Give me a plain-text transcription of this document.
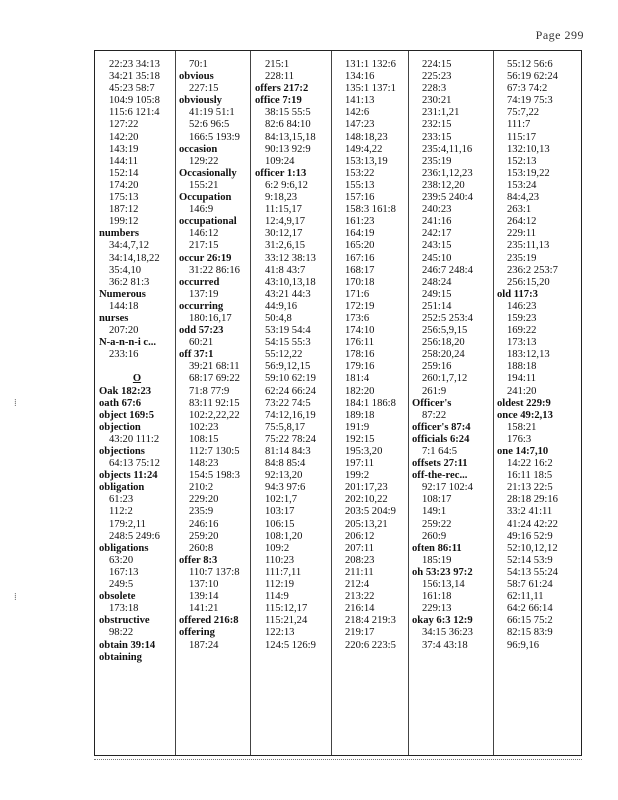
Page 299
⁞
⁞
22:23 34:13
34:21 35:18
45:23 58:7
104:9 105:8
115:6 121:4
127:22
142:20
143:19
144:11
152:14
174:20
175:13
187:12
199:12
numbers
34:4,7,12
34:14,18,22
35:4,10
36:2 81:3
Numerous
144:18
nurses
207:20
N-a-n-n-i c...
233:16
O
Oak 182:23
oath 67:6
object 169:5
objection
43:20 111:2
objections
64:13 75:12
objects 11:24
obligation
61:23
112:2
179:2,11
248:5 249:6
obligations
63:20
167:13
249:5
obsolete
173:18
obstructive
98:22
obtain 39:14
obtaining
70:1
obvious
227:15
obviously
41:19 51:1
52:6 96:5
166:5 193:9
occasion
129:22
Occasionally
155:21
Occupation
146:9
occupational
146:12
217:15
occur 26:19
31:22 86:16
occurred
137:19
occurring
180:16,17
odd 57:23
60:21
off 37:1
39:21 68:11
68:17 69:22
71:8 77:9
83:11 92:15
102:2,22,22
102:23
108:15
112:7 130:5
148:23
154:5 198:3
210:2
229:20
235:9
246:16
259:20
260:8
offer 8:3
110:7 137:8
137:10
139:14
141:21
offered 216:8
offering
187:24
215:1
228:11
offers 217:2
office 7:19
38:15 55:5
82:6 84:10
84:13,15,18
90:13 92:9
109:24
officer 1:13
6:2 9:6,12
9:18,23
11:15,17
12:4,9,17
30:12,17
31:2,6,15
33:12 38:13
41:8 43:7
43:10,13,18
43:21 44:3
44:9,16
50:4,8
53:19 54:4
54:15 55:3
55:12,22
56:9,12,15
59:10 62:19
62:24 66:24
73:22 74:5
74:12,16,19
75:5,8,17
75:22 78:24
81:14 84:3
84:8 85:4
92:13,20
94:3 97:6
102:1,7
103:17
106:15
108:1,20
109:2
110:23
111:7,11
112:19
114:9
115:12,17
115:21,24
122:13
124:5 126:9
131:1 132:6
134:16
135:1 137:1
141:13
142:6
147:23
148:18,23
149:4,22
153:13,19
153:22
155:13
157:16
158:3 161:8
161:23
164:19
165:20
167:16
168:17
170:18
171:6
172:19
173:6
174:10
176:11
178:16
179:16
181:4
182:20
184:1 186:8
189:18
191:9
192:15
195:3,20
197:11
199:2
201:17,23
202:10,22
203:5 204:9
205:13,21
206:12
207:11
208:23
211:11
212:4
213:22
216:14
218:4 219:3
219:17
220:6 223:5
224:15
225:23
228:3
230:21
231:1,21
232:15
233:15
235:4,11,16
235:19
236:1,12,23
238:12,20
239:5 240:4
240:23
241:16
242:17
243:15
245:10
246:7 248:4
248:24
249:15
251:14
252:5 253:4
256:5,9,15
256:18,20
258:20,24
259:16
260:1,7,12
261:9
Officer's
87:22
officer's 87:4
officials 6:24
7:1 64:5
offsets 27:11
off-the-rec...
92:17 102:4
108:17
149:1
259:22
260:9
often 86:11
185:19
oh 53:23 97:2
156:13,14
161:18
229:13
okay 6:3 12:9
34:15 36:23
37:4 43:18
55:12 56:6
56:19 62:24
67:3 74:2
74:19 75:3
75:7,22
111:7
115:17
132:10,13
152:13
153:19,22
153:24
84:4,23
263:1
264:12
229:11
235:11,13
235:19
236:2 253:7
256:15,20
old 117:3
146:23
159:23
169:22
173:13
183:12,13
188:18
194:11
241:20
oldest 229:9
once 49:2,13
158:21
176:3
one 14:7,10
14:22 16:2
16:11 18:5
21:13 22:5
28:18 29:16
33:2 41:11
41:24 42:22
49:16 52:9
52:10,12,12
52:14 53:9
54:13 55:24
58:7 61:24
62:11,11
64:2 66:14
66:15 75:2
82:15 83:9
96:9,16
